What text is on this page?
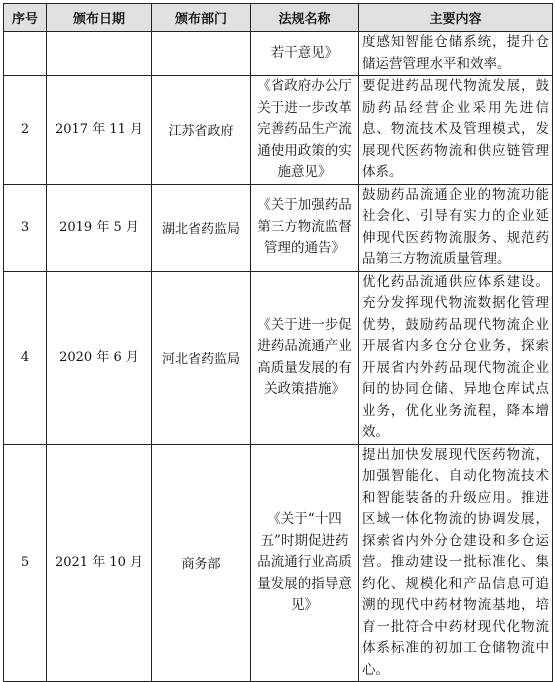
序号	颁布日期	颁布部门	法规名称	主要内容
			若干意见》	度感知智能仓储系统，提升仓储运营管理水平和效率。
2	2017 年 11 月	江苏省政府	《省政府办公厅关于进一步改革完善药品生产流通使用政策的实施意见》	要促进药品现代物流发展，鼓励药品经营企业采用先进信息、物流技术及管理模式，发展现代医药物流和供应链管理体系。
3	2019 年 5 月	湖北省药监局	《关于加强药品第三方物流监督管理的通告》	鼓励药品流通企业的物流功能社会化、引导有实力的企业延伸现代医药物流服务、规范药品第三方物流质量管理。
4	2020 年 6 月	河北省药监局	《关于进一步促进药品流通产业高质量发展的有关政策措施》	优化药品流通供应体系建设。充分发挥现代物流数据化管理优势，鼓励药品现代物流企业开展省内多仓分仓业务，探索开展省内外药品现代物流企业间的协同仓储、异地仓库试点业务，优化业务流程，降本增效。
5	2021 年 10 月	商务部	《关于“十四五”时期促进药品流通行业高质量发展的指导意见》	提出加快发展现代医药物流，加强智能化、自动化物流技术和智能装备的升级应用。推进区域一体化物流的协调发展，探索省内外分仓建设和多仓运营。推动建设一批标准化、集约化、规模化和产品信息可追溯的现代中药材物流基地，培育一批符合中药材现代化物流体系标准的初加工仓储物流中心。
